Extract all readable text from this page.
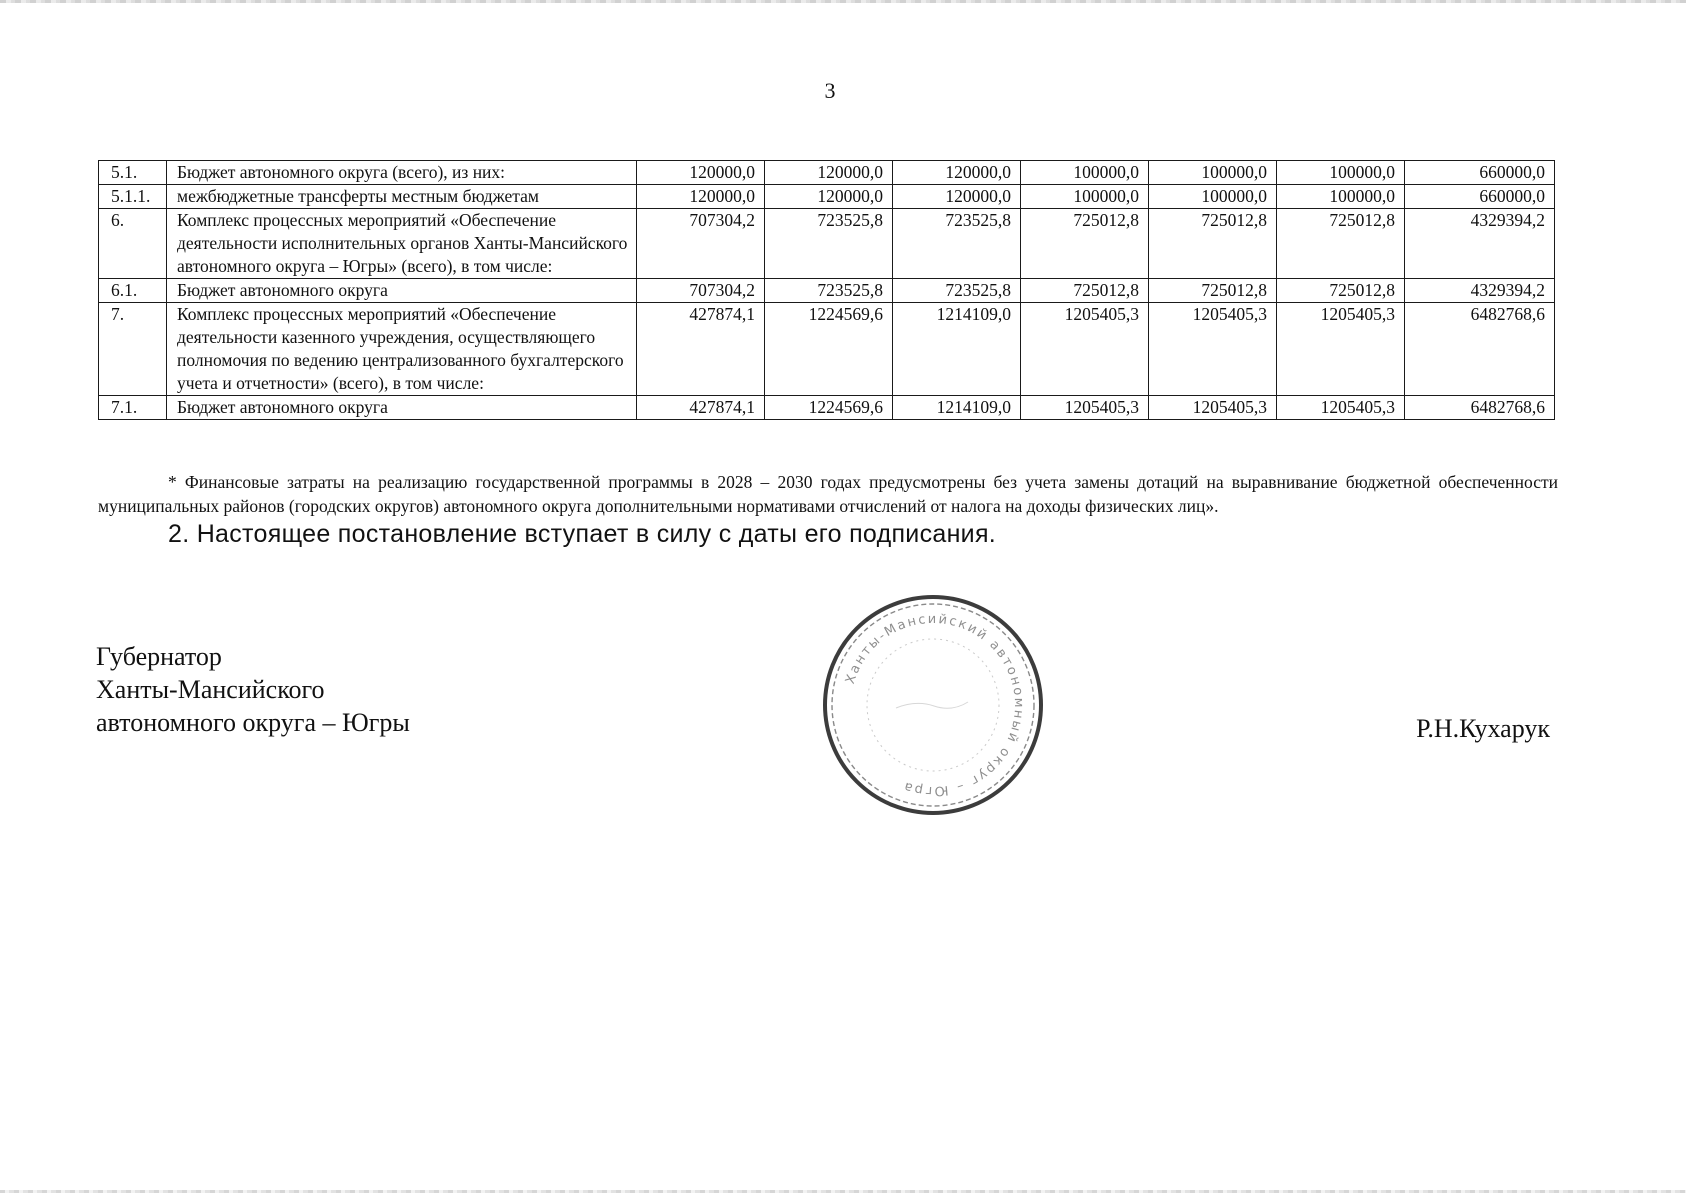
3
5.1.	Бюджет автономного округа (всего), из них:	120000,0	120000,0	120000,0	100000,0	100000,0	100000,0	660000,0
5.1.1.	межбюджетные трансферты местным бюджетам	120000,0	120000,0	120000,0	100000,0	100000,0	100000,0	660000,0
6.	Комплекс процессных мероприятий «Обеспечение деятельности исполнительных органов Ханты-Мансийского автономного округа – Югры» (всего), в том числе:	707304,2	723525,8	723525,8	725012,8	725012,8	725012,8	4329394,2
6.1.	Бюджет автономного округа	707304,2	723525,8	723525,8	725012,8	725012,8	725012,8	4329394,2
7.	Комплекс процессных мероприятий «Обеспечение деятельности казенного учреждения, осуществляющего полномочия по ведению централизованного бухгалтерского учета и отчетности» (всего), в том числе:	427874,1	1224569,6	1214109,0	1205405,3	1205405,3	1205405,3	6482768,6
7.1.	Бюджет автономного округа	427874,1	1224569,6	1214109,0	1205405,3	1205405,3	1205405,3	6482768,6
* Финансовые затраты на реализацию государственной программы в 2028 – 2030 годах предусмотрены без учета замены дотаций на выравнивание бюджетной обеспеченности муниципальных районов (городских округов) автономного округа дополнительными нормативами отчислений от налога на доходы физических лиц».
2. Настоящее постановление вступает в силу с даты его подписания.
Губернатор
Ханты-Мансийского
автономного округа – Югры	Р.Н.Кухарук
Ханты-Мансийский автономный округ – Югра
